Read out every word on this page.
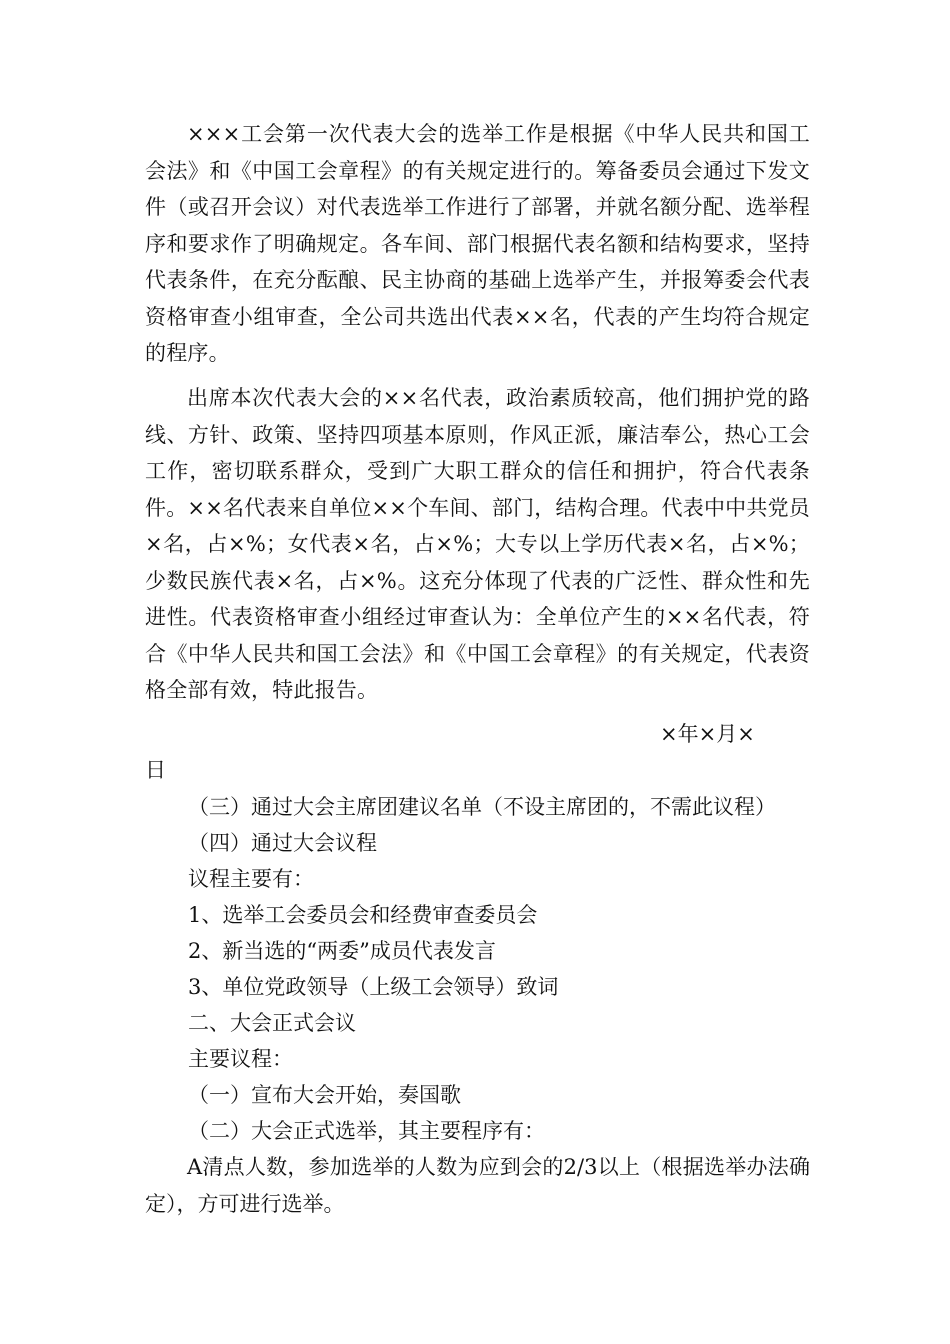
×××工会第一次代表大会的选举工作是根据《中华人民共和国工会法》和《中国工会章程》的有关规定进行的。筹备委员会通过下发文件（或召开会议）对代表选举工作进行了部署，并就名额分配、选举程序和要求作了明确规定。各车间、部门根据代表名额和结构要求，坚持代表条件，在充分酝酿、民主协商的基础上选举产生，并报筹委会代表资格审查小组审查，全公司共选出代表××名，代表的产生均符合规定的程序。
出席本次代表大会的××名代表，政治素质较高，他们拥护党的路线、方针、政策、坚持四项基本原则，作风正派，廉洁奉公，热心工会工作，密切联系群众，受到广大职工群众的信任和拥护，符合代表条件。××名代表来自单位××个车间、部门，结构合理。代表中中共党员×名，占×%；女代表×名，占×%；大专以上学历代表×名，占×%；少数民族代表×名，占×%。这充分体现了代表的广泛性、群众性和先进性。代表资格审查小组经过审查认为：全单位产生的××名代表，符合《中华人民共和国工会法》和《中国工会章程》的有关规定，代表资格全部有效，特此报告。
×年×月×
日
（三）通过大会主席团建议名单（不设主席团的，不需此议程）
（四）通过大会议程
议程主要有：
1、选举工会委员会和经费审查委员会
2、新当选的“两委”成员代表发言
3、单位党政领导（上级工会领导）致词
二、大会正式会议
主要议程：
（一）宣布大会开始，奏国歌
（二）大会正式选举，其主要程序有：
A清点人数，参加选举的人数为应到会的2/3以上（根据选举办法确定），方可进行选举。
